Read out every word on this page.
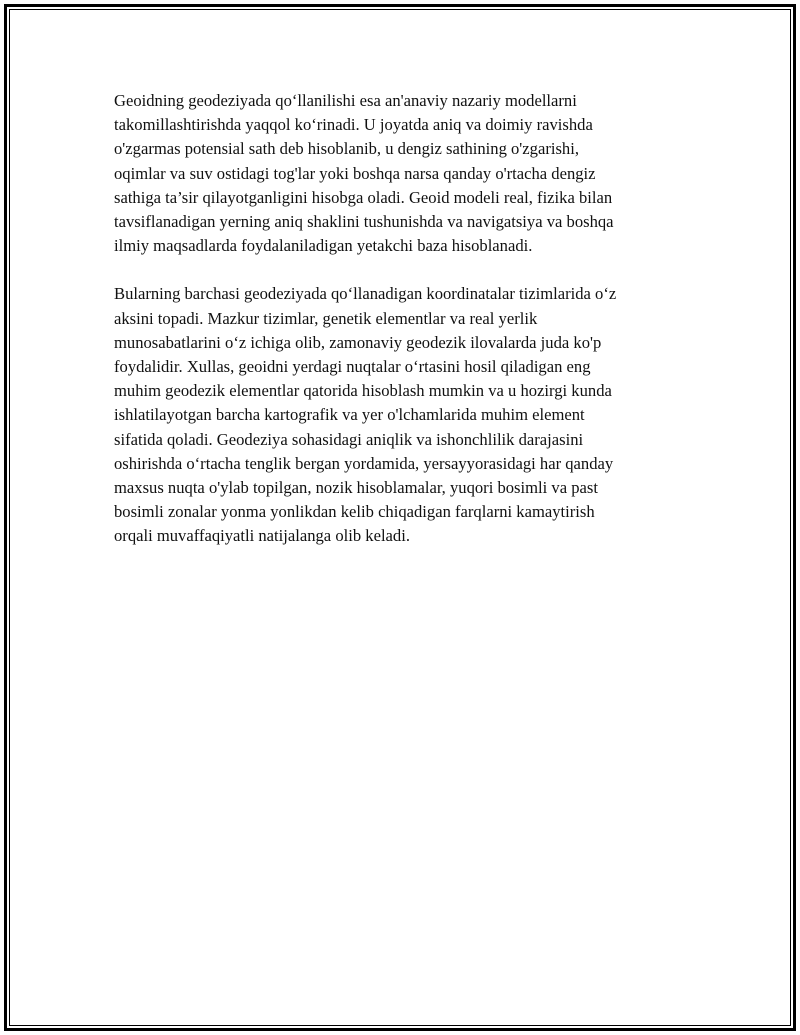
Geoidning geodeziyada qo‘llanilishi esa an'anaviy nazariy modellarni
takomillashtirishda yaqqol ko‘rinadi. U joyatda aniq va doimiy ravishda
o'zgarmas potensial sath deb hisoblanib, u dengiz sathining o'zgarishi,
oqimlar va suv ostidagi tog'lar yoki boshqa narsa qanday o'rtacha dengiz
sathiga ta’sir qilayotganligini hisobga oladi. Geoid modeli real, fizika bilan
tavsiflanadigan yerning aniq shaklini tushunishda va navigatsiya va boshqa
ilmiy maqsadlarda foydalaniladigan yetakchi baza hisoblanadi.

Bularning barchasi geodeziyada qo‘llanadigan koordinatalar tizimlarida o‘z
aksini topadi. Mazkur tizimlar, genetik elementlar va real yerlik
munosabatlarini o‘z ichiga olib, zamonaviy geodezik ilovalarda juda ko'p
foydalidir. Xullas, geoidni yerdagi nuqtalar o‘rtasini hosil qiladigan eng
muhim geodezik elementlar qatorida hisoblash mumkin va u hozirgi kunda
ishlatilayotgan barcha kartografik va yer o'lchamlarida muhim element
sifatida qoladi. Geodeziya sohasidagi aniqlik va ishonchlilik darajasini
oshirishda o‘rtacha tenglik bergan yordamida, yersayyorasidagi har qanday
maxsus nuqta o'ylab topilgan, nozik hisoblamalar, yuqori bosimli va past
bosimli zonalar yonma yonlikdan kelib chiqadigan farqlarni kamaytirish
orqali muvaffaqiyatli natijalanga olib keladi.
